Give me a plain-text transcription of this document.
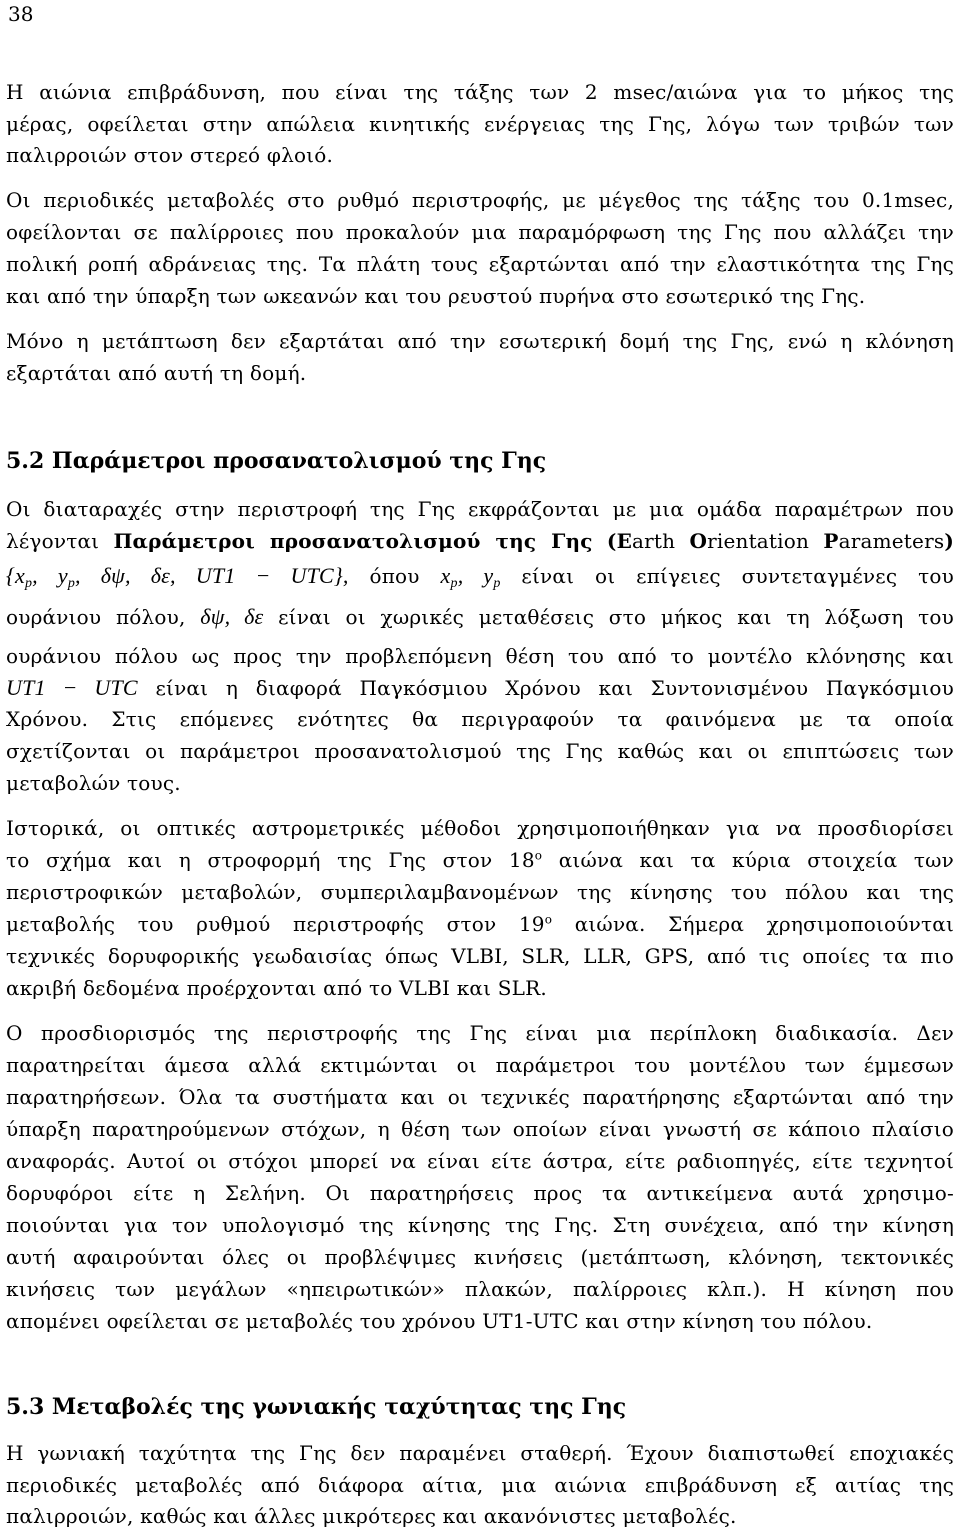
38
Η αιώνια επιβράδυνση, που είναι της τάξης των 2 msec/αιώνα για το μήκος της
μέρας, οφείλεται στην απώλεια κινητικής ενέργειας της Γης, λόγω των τριβών των
παλιρροιών στον στερεό φλοιό.
Οι περιοδικές μεταβολές στο ρυθμό περιστροφής, με μέγεθος της τάξης του 0.1msec,
οφείλονται σε παλίρροιες που προκαλούν μια παραμόρφωση της Γης που αλλάζει την
πολική ροπή αδράνειας της. Τα πλάτη τους εξαρτώνται από την ελαστικότητα της Γης
και από την ύπαρξη των ωκεανών και του ρευστού πυρήνα στο εσωτερικό της Γης.
Μόνο η μετάπτωση δεν εξαρτάται από την εσωτερική δομή της Γης, ενώ η κλόνηση
εξαρτάται από αυτή τη δομή.
5.2 Παράμετροι προσανατολισμού της Γης
Οι διαταραχές στην περιστροφή της Γης εκφράζονται με μια ομάδα παραμέτρων που
λέγονται Παράμετροι προσανατολισμού της Γης (Earth Orientation Parameters)
{$x_p$, $y_p$, δψ, δε, UT1 − UTC}, όπου $x_p$, $y_p$ είναι οι επίγειες συντεταγμένες του
ουράνιου πόλου, δψ, δε είναι οι χωρικές μεταθέσεις στο μήκος και τη λόξωση του
ουράνιου πόλου ως προς την προβλεπόμενη θέση του από το μοντέλο κλόνησης και
UT1 − UTC είναι η διαφορά Παγκόσμιου Χρόνου και Συντονισμένου Παγκόσμιου
Χρόνου. Στις επόμενες ενότητες θα περιγραφούν τα φαινόμενα με τα οποία
σχετίζονται οι παράμετροι προσανατολισμού της Γης καθώς και οι επιπτώσεις των
μεταβολών τους.
Ιστορικά, οι οπτικές αστρομετρικές μέθοδοι χρησιμοποιήθηκαν για να προσδιορίσει
το σχήμα και η στροφορμή της Γης στον $18^o$ αιώνα και τα κύρια στοιχεία των
περιστροφικών μεταβολών, συμπεριλαμβανομένων της κίνησης του πόλου και της
μεταβολής του ρυθμού περιστροφής στον $19^o$ αιώνα. Σήμερα χρησιμοποιούνται
τεχνικές δορυφορικής γεωδαισίας όπως VLBI, SLR, LLR, GPS, από τις οποίες τα πιο
ακριβή δεδομένα προέρχονται από το VLBI και SLR.
Ο προσδιορισμός της περιστροφής της Γης είναι μια περίπλοκη διαδικασία. Δεν
παρατηρείται άμεσα αλλά εκτιμώνται οι παράμετροι του μοντέλου των έμμεσων
παρατηρήσεων. Όλα τα συστήματα και οι τεχνικές παρατήρησης εξαρτώνται από την
ύπαρξη παρατηρούμενων στόχων, η θέση των οποίων είναι γνωστή σε κάποιο πλαίσιο
αναφοράς. Αυτοί οι στόχοι μπορεί να είναι είτε άστρα, είτε ραδιοπηγές, είτε τεχνητοί
δορυφόροι είτε η Σελήνη. Οι παρατηρήσεις προς τα αντικείμενα αυτά χρησιμο-
ποιούνται για τον υπολογισμό της κίνησης της Γης. Στη συνέχεια, από την κίνηση
αυτή αφαιρούνται όλες οι προβλέψιμες κινήσεις (μετάπτωση, κλόνηση, τεκτονικές
κινήσεις των μεγάλων «ηπειρωτικών» πλακών, παλίρροιες κλπ.). Η κίνηση που
απομένει οφείλεται σε μεταβολές του χρόνου UT1-UTC και στην κίνηση του πόλου.
5.3 Μεταβολές της γωνιακής ταχύτητας της Γης
Η γωνιακή ταχύτητα της Γης δεν παραμένει σταθερή. Έχουν διαπιστωθεί εποχιακές
περιοδικές μεταβολές από διάφορα αίτια, μια αιώνια επιβράδυνση εξ αιτίας της
παλιρροιών, καθώς και άλλες μικρότερες και ακανόνιστες μεταβολές.
